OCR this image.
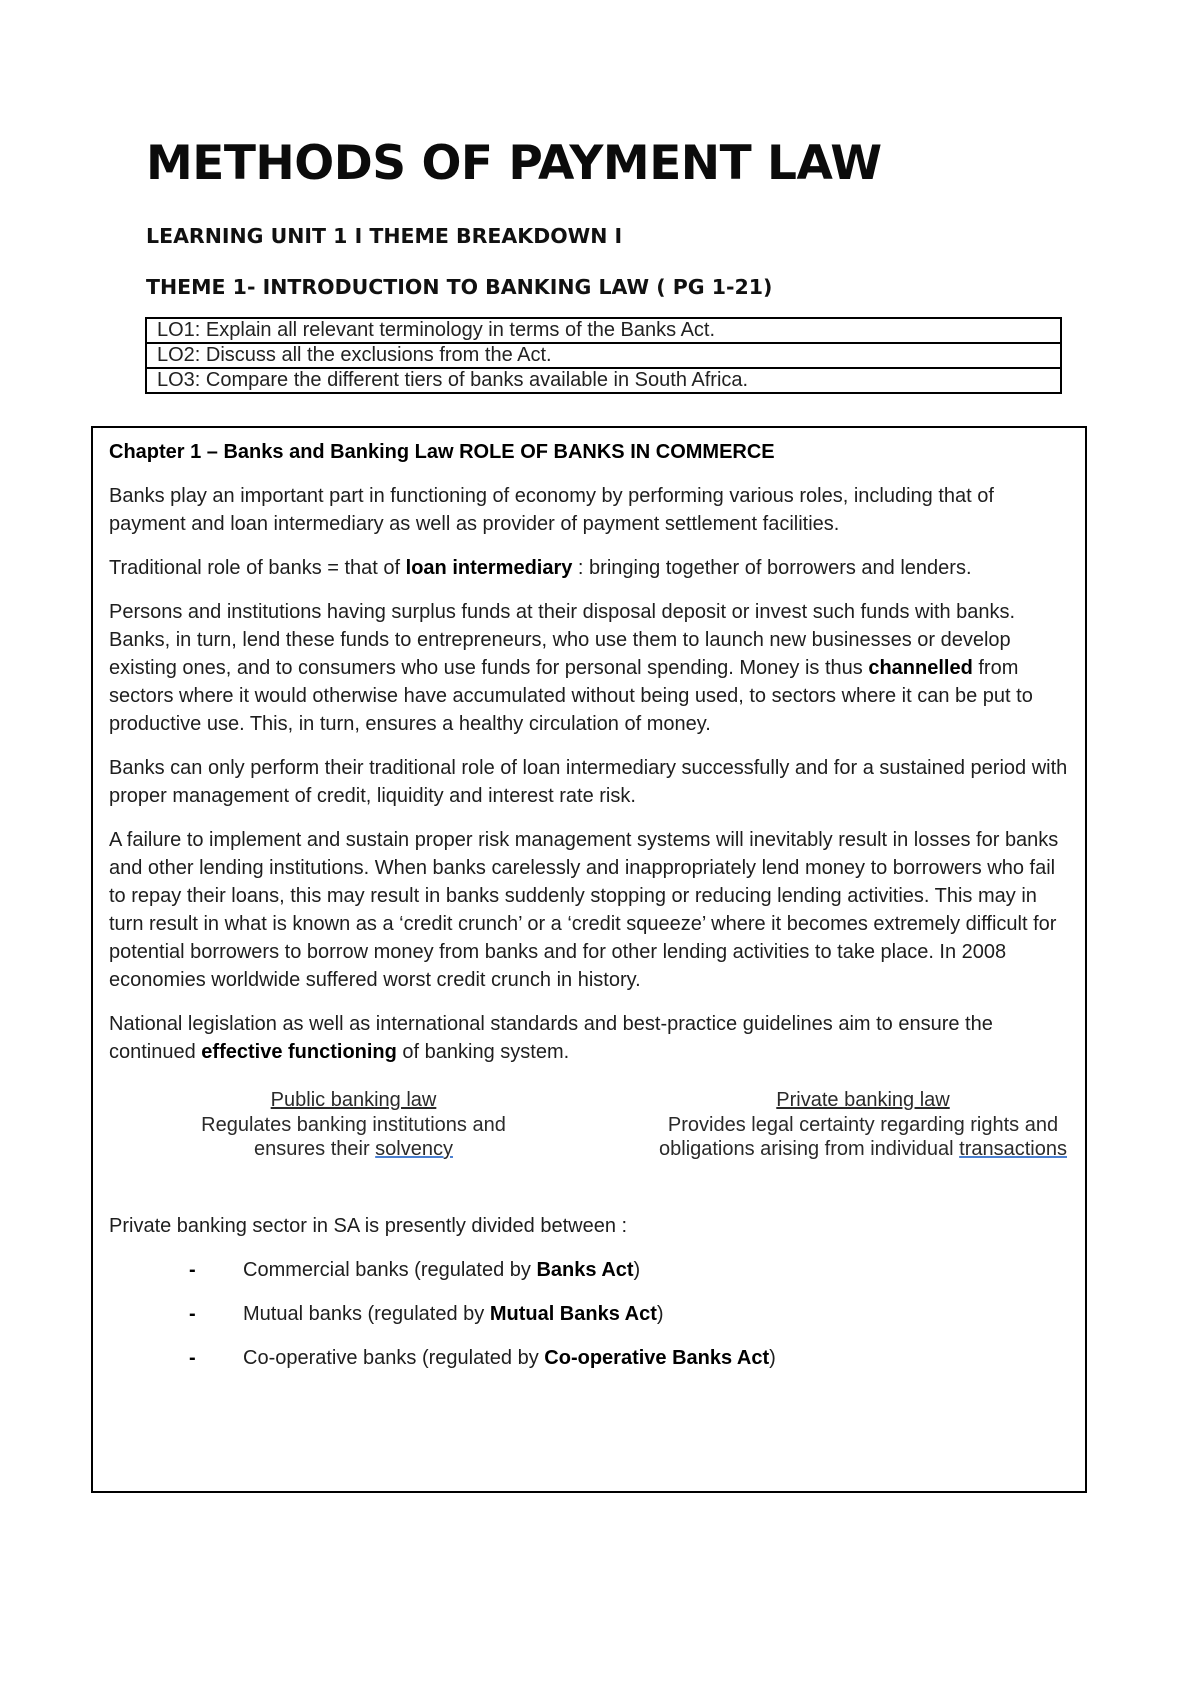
METHODS OF PAYMENT LAW
LEARNING UNIT 1 I THEME BREAKDOWN I
THEME 1- INTRODUCTION TO BANKING LAW ( PG 1-21)
LO1: Explain all relevant terminology in terms of the Banks Act.
LO2: Discuss all the exclusions from the Act.
LO3: Compare the different tiers of banks available in South Africa.

Chapter 1 – Banks and Banking Law ROLE OF BANKS IN COMMERCE

Banks play an important part in functioning of economy by performing various roles, including that of payment and loan intermediary as well as provider of payment settlement facilities.

Traditional role of banks = that of loan intermediary : bringing together of borrowers and lenders.

Persons and institutions having surplus funds at their disposal deposit or invest such funds with banks. Banks, in turn, lend these funds to entrepreneurs, who use them to launch new businesses or develop existing ones, and to consumers who use funds for personal spending. Money is thus channelled from sectors where it would otherwise have accumulated without being used, to sectors where it can be put to productive use. This, in turn, ensures a healthy circulation of money.

Banks can only perform their traditional role of loan intermediary successfully and for a sustained period with proper management of credit, liquidity and interest rate risk.

A failure to implement and sustain proper risk management systems will inevitably result in losses for banks and other lending institutions. When banks carelessly and inappropriately lend money to borrowers who fail to repay their loans, this may result in banks suddenly stopping or reducing lending activities. This may in turn result in what is known as a ‘credit crunch’ or a ‘credit squeeze’ where it becomes extremely difficult for potential borrowers to borrow money from banks and for other lending activities to take place. In 2008 economies worldwide suffered worst credit crunch in history.

National legislation as well as international standards and best-practice guidelines aim to ensure the continued effective functioning of banking system.

Public banking law
Regulates banking institutions and
ensures their solvency
Private banking law
Provides legal certainty regarding rights and
obligations arising from individual transactions

Private banking sector in SA is presently divided between :

- Commercial banks (regulated by Banks Act)
- Mutual banks (regulated by Mutual Banks Act)
- Co-operative banks (regulated by Co-operative Banks Act)
